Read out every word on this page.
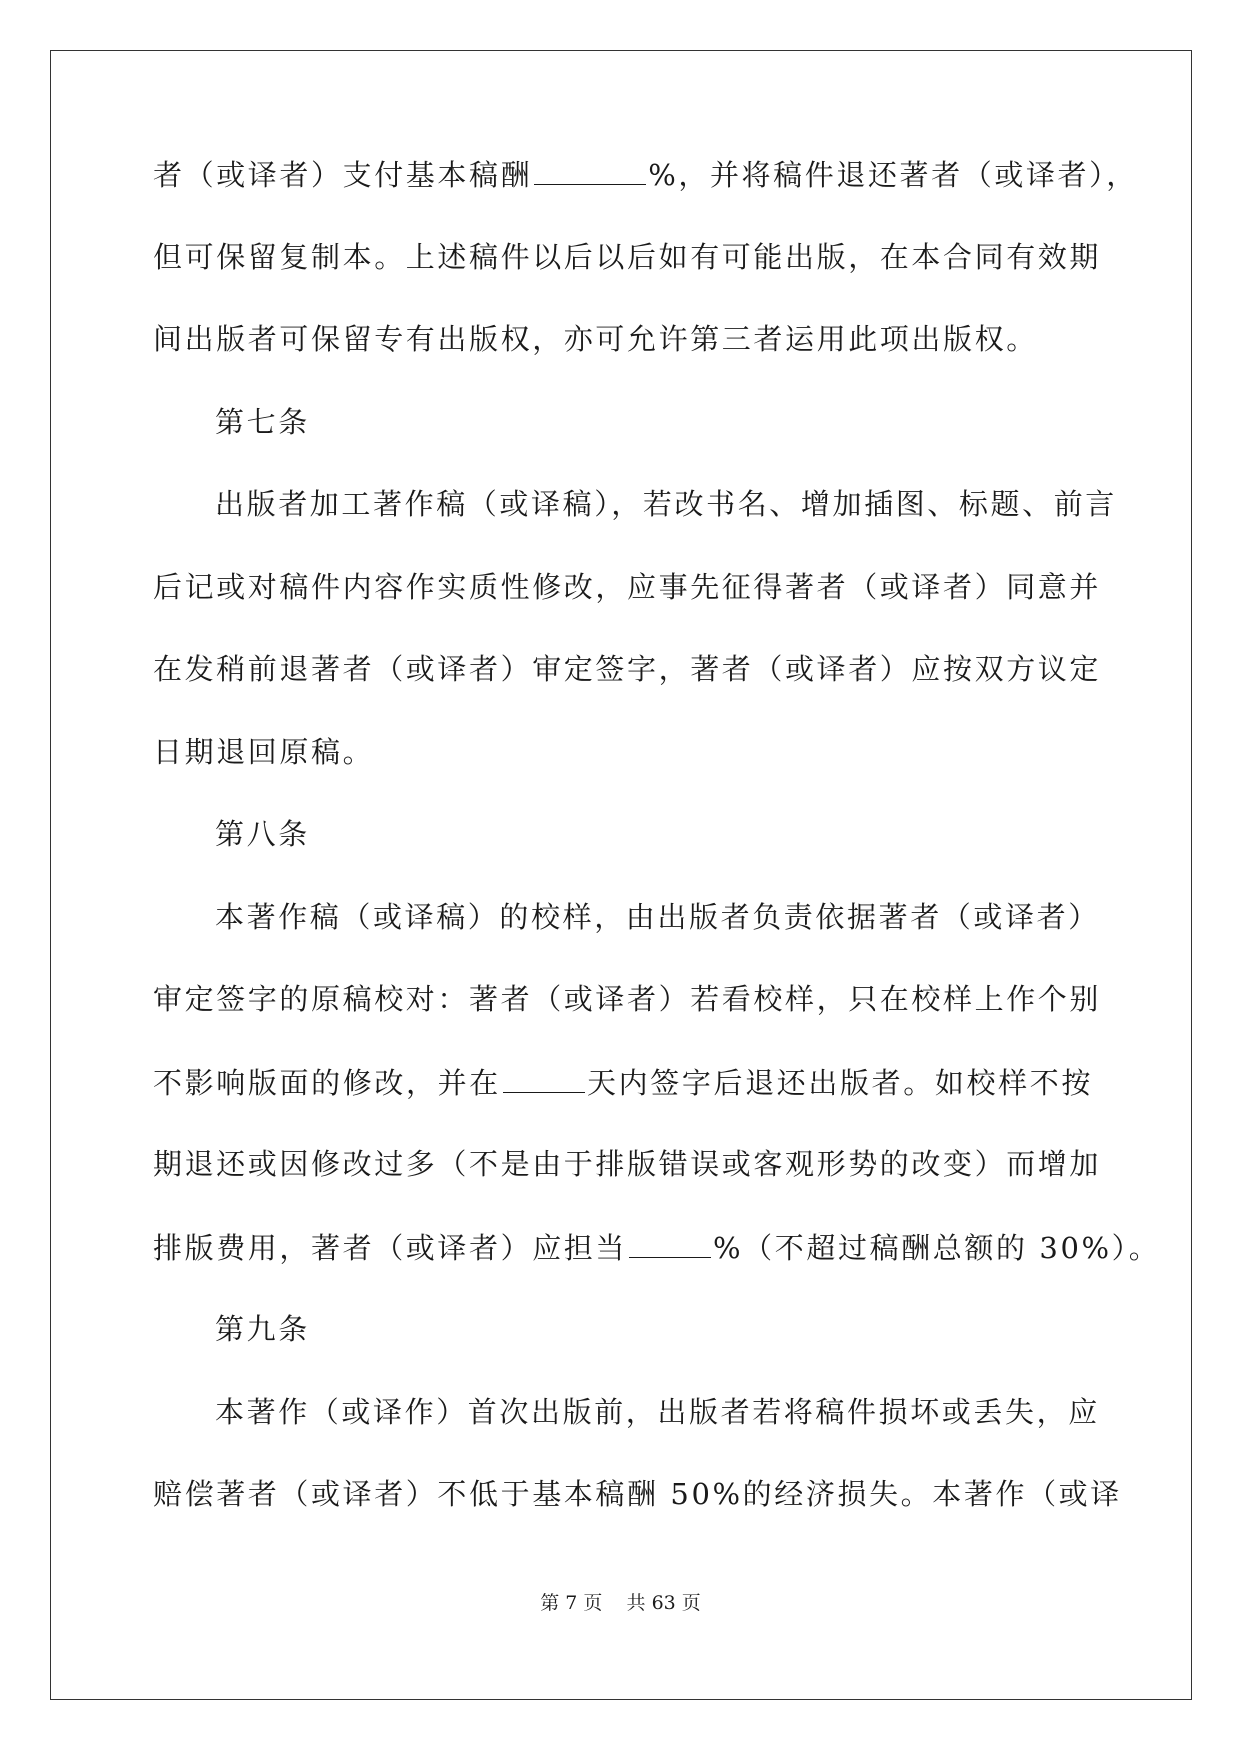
者（或译者）支付基本稿酬	%，并将稿件退还著者（或译者），
但可保留复制本。上述稿件以后以后如有可能出版，在本合同有效期
间出版者可保留专有出版权，亦可允许第三者运用此项出版权。
第七条
出版者加工著作稿（或译稿），若改书名、增加插图、标题、前言
后记或对稿件内容作实质性修改，应事先征得著者（或译者）同意并
在发稍前退著者（或译者）审定签字，著者（或译者）应按双方议定
日期退回原稿。
第八条
本著作稿（或译稿）的校样，由出版者负责依据著者（或译者）
审定签字的原稿校对：著者（或译者）若看校样，只在校样上作个别
不影响版面的修改，并在	天内签字后退还出版者。如校样不按
期退还或因修改过多（不是由于排版错误或客观形势的改变）而增加
排版费用，著者（或译者）应担当	%（不超过稿酬总额的 30%）。
第九条
本著作（或译作）首次出版前，出版者若将稿件损坏或丢失，应
赔偿著者（或译者）不低于基本稿酬 50%的经济损失。本著作（或译
第 7 页 共 63 页
